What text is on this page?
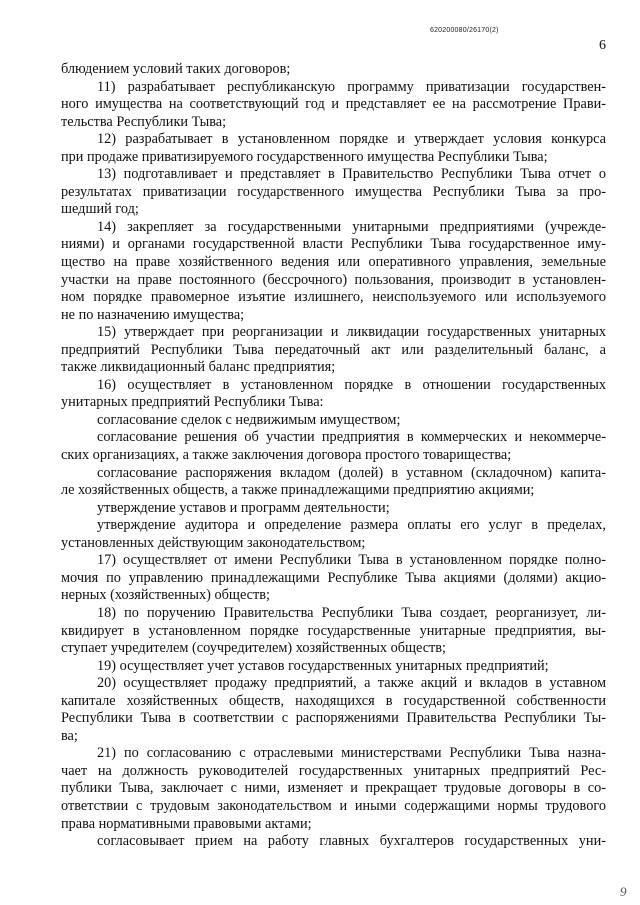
620200080/26170(2)
6
блюдением условий таких договоров;
11) разрабатывает республиканскую программу приватизации государствен-
ного имущества на соответствующий год и представляет ее на рассмотрение Прави-
тельства Республики Тыва;
12) разрабатывает в установленном порядке и утверждает условия конкурса
при продаже приватизируемого государственного имущества Республики Тыва;
13) подготавливает и представляет в Правительство Республики Тыва отчет о
результатах приватизации государственного имущества Республики Тыва за про-
шедший год;
14) закрепляет за государственными унитарными предприятиями (учрежде-
ниями) и органами государственной власти Республики Тыва государственное иму-
щество на праве хозяйственного ведения или оперативного управления, земельные
участки на праве постоянного (бессрочного) пользования, производит в установлен-
ном порядке правомерное изъятие излишнего, неиспользуемого или используемого
не по назначению имущества;
15) утверждает при реорганизации и ликвидации государственных унитарных
предприятий Республики Тыва передаточный акт или разделительный баланс, а
также ликвидационный баланс предприятия;
16) осуществляет в установленном порядке в отношении государственных
унитарных предприятий Республики Тыва:
согласование сделок с недвижимым имуществом;
согласование решения об участии предприятия в коммерческих и некоммерче-
ских организациях, а также заключения договора простого товарищества;
согласование распоряжения вкладом (долей) в уставном (складочном) капита-
ле хозяйственных обществ, а также принадлежащими предприятию акциями;
утверждение уставов и программ деятельности;
утверждение аудитора и определение размера оплаты его услуг в пределах,
установленных действующим законодательством;
17) осуществляет от имени Республики Тыва в установленном порядке полно-
мочия по управлению принадлежащими Республике Тыва акциями (долями) акцио-
нерных (хозяйственных) обществ;
18) по поручению Правительства Республики Тыва создает, реорганизует, ли-
квидирует в установленном порядке государственные унитарные предприятия, вы-
ступает учредителем (соучредителем) хозяйственных обществ;
19) осуществляет учет уставов государственных унитарных предприятий;
20) осуществляет продажу предприятий, а также акций и вкладов в уставном
капитале хозяйственных обществ, находящихся в государственной собственности
Республики Тыва в соответствии с распоряжениями Правительства Республики Ты-
ва;
21) по согласованию с отраслевыми министерствами Республики Тыва назна-
чает на должность руководителей государственных унитарных предприятий Рес-
публики Тыва, заключает с ними, изменяет и прекращает трудовые договоры в со-
ответствии с трудовым законодательством и иными содержащими нормы трудового
права нормативными правовыми актами;
согласовывает прием на работу главных бухгалтеров государственных уни-
9
